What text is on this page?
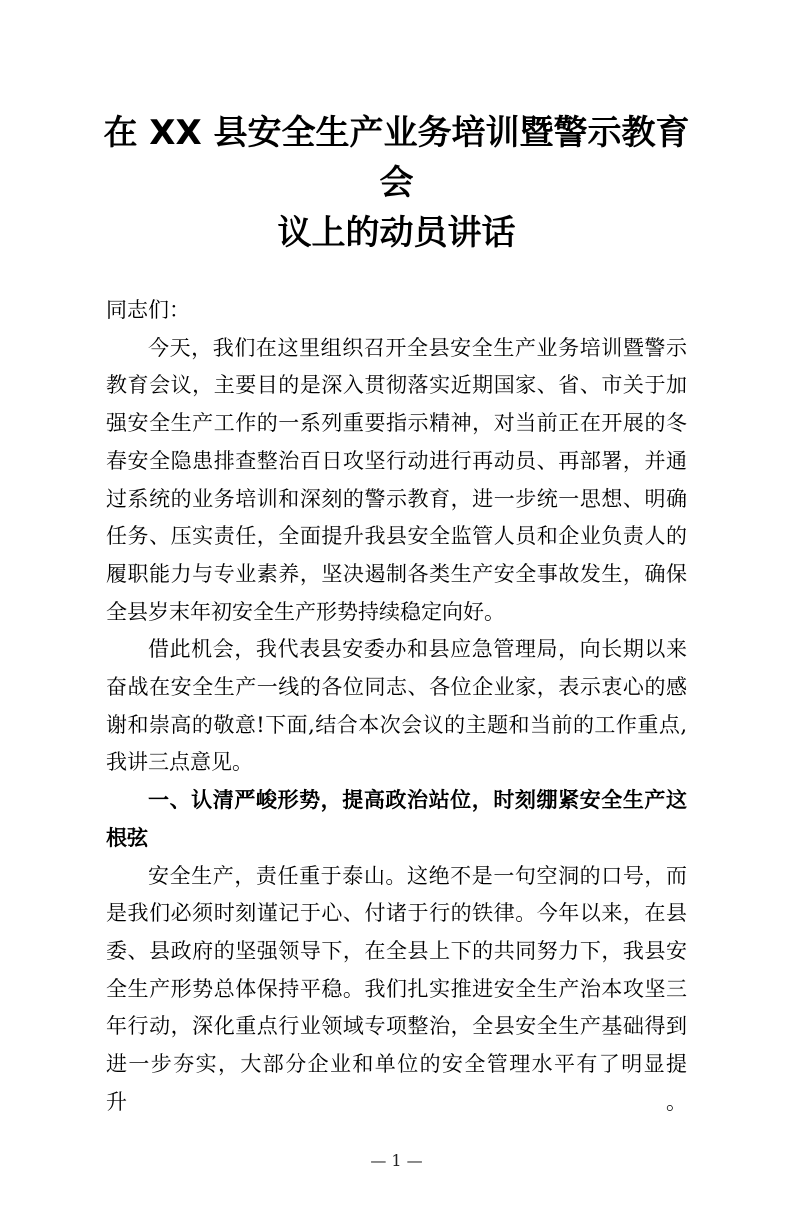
在 XX 县安全生产业务培训暨警示教育会
议上的动员讲话
同志们：
今天，我们在这里组织召开全县安全生产业务培训暨警示
教育会议，主要目的是深入贯彻落实近期国家、省、市关于加
强安全生产工作的一系列重要指示精神，对当前正在开展的冬
春安全隐患排查整治百日攻坚行动进行再动员、再部署，并通
过系统的业务培训和深刻的警示教育，进一步统一思想、明确
任务、压实责任，全面提升我县安全监管人员和企业负责人的
履职能力与专业素养，坚决遏制各类生产安全事故发生，确保
全县岁末年初安全生产形势持续稳定向好。
借此机会，我代表县安委办和县应急管理局，向长期以来
奋战在安全生产一线的各位同志、各位企业家，表示衷心的感
谢和崇高的敬意!下面,结合本次会议的主题和当前的工作重点,
我讲三点意见。
一、认清严峻形势，提高政治站位，时刻绷紧安全生产这
根弦
安全生产，责任重于泰山。这绝不是一句空洞的口号，而
是我们必须时刻谨记于心、付诸于行的铁律。今年以来，在县
委、县政府的坚强领导下，在全县上下的共同努力下，我县安
全生产形势总体保持平稳。我们扎实推进安全生产治本攻坚三
年行动，深化重点行业领域专项整治，全县安全生产基础得到
进一步夯实，大部分企业和单位的安全管理水平有了明显提升。
— 1 —
